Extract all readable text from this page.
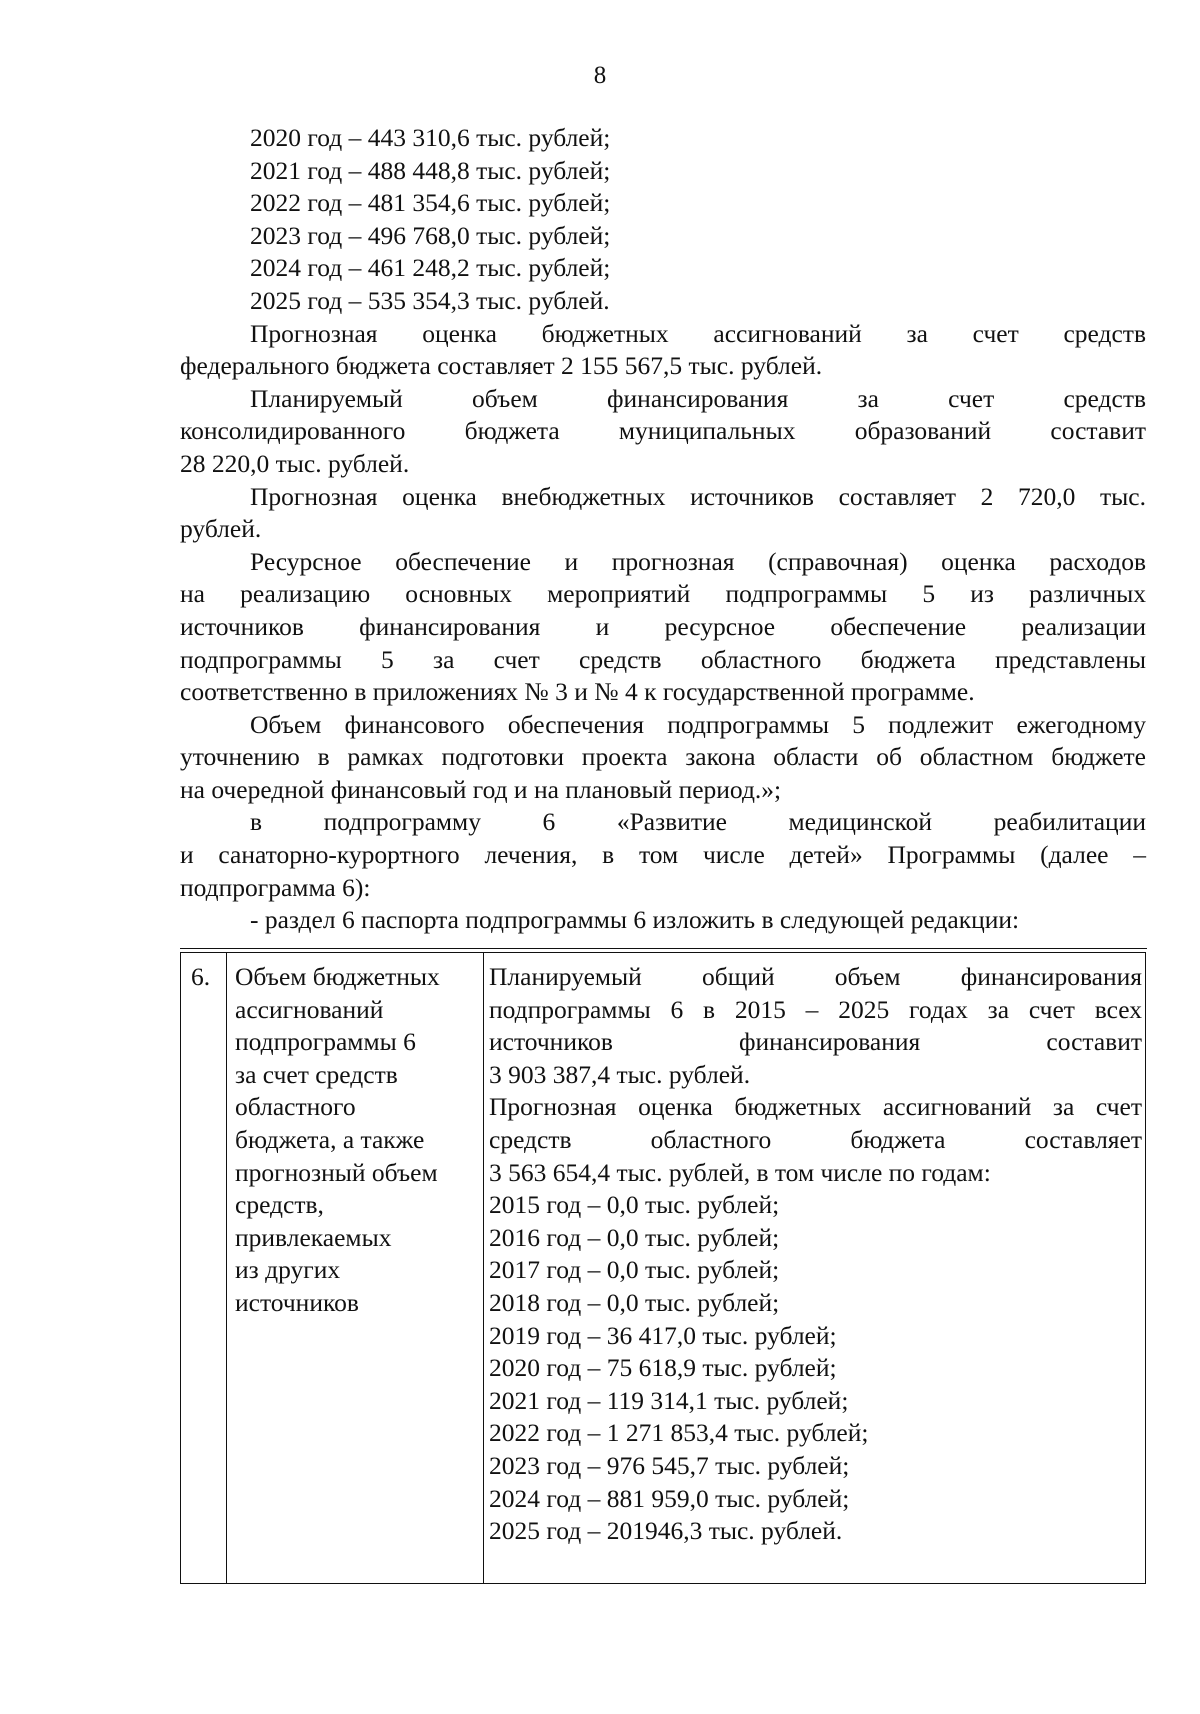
8
2020 год – 443 310,6 тыс. рублей;
2021 год – 488 448,8 тыс. рублей;
2022 год – 481 354,6 тыс. рублей;
2023 год – 496 768,0 тыс. рублей;
2024 год – 461 248,2 тыс. рублей;
2025 год – 535 354,3 тыс. рублей.
Прогнозная оценка бюджетных ассигнований за счет средств
федерального бюджета составляет 2 155 567,5 тыс. рублей.
Планируемый объем финансирования за счет средств
консолидированного бюджета муниципальных образований составит
28 220,0 тыс. рублей.
Прогнозная оценка внебюджетных источников составляет 2 720,0 тыс.
рублей.
Ресурсное обеспечение и прогнозная (справочная) оценка расходов
на реализацию основных мероприятий подпрограммы 5 из различных
источников финансирования и ресурсное обеспечение реализации
подпрограммы 5 за счет средств областного бюджета представлены
соответственно в приложениях № 3 и № 4 к государственной программе.
Объем финансового обеспечения подпрограммы 5 подлежит ежегодному
уточнению в рамках подготовки проекта закона области об областном бюджете
на очередной финансовый год и на плановый период.»;
в подпрограмму 6 «Развитие медицинской реабилитации
и санаторно-курортного лечения, в том числе детей» Программы (далее –
подпрограмма 6):
- раздел 6 паспорта подпрограммы 6 изложить в следующей редакции:
6. Объем бюджетных
ассигнований
подпрограммы 6
за счет средств
областного
бюджета, а также
прогнозный объем
средств,
привлекаемых
из других
источников
Планируемый общий объем финансирования
подпрограммы 6 в 2015 – 2025 годах за счет всех
источников финансирования составит
3 903 387,4 тыс. рублей.
Прогнозная оценка бюджетных ассигнований за счет
средств областного бюджета составляет
3 563 654,4 тыс. рублей, в том числе по годам:
2015 год – 0,0 тыс. рублей;
2016 год – 0,0 тыс. рублей;
2017 год – 0,0 тыс. рублей;
2018 год – 0,0 тыс. рублей;
2019 год – 36 417,0 тыс. рублей;
2020 год – 75 618,9 тыс. рублей;
2021 год – 119 314,1 тыс. рублей;
2022 год – 1 271 853,4 тыс. рублей;
2023 год – 976 545,7 тыс. рублей;
2024 год – 881 959,0 тыс. рублей;
2025 год – 201946,3 тыс. рублей.
